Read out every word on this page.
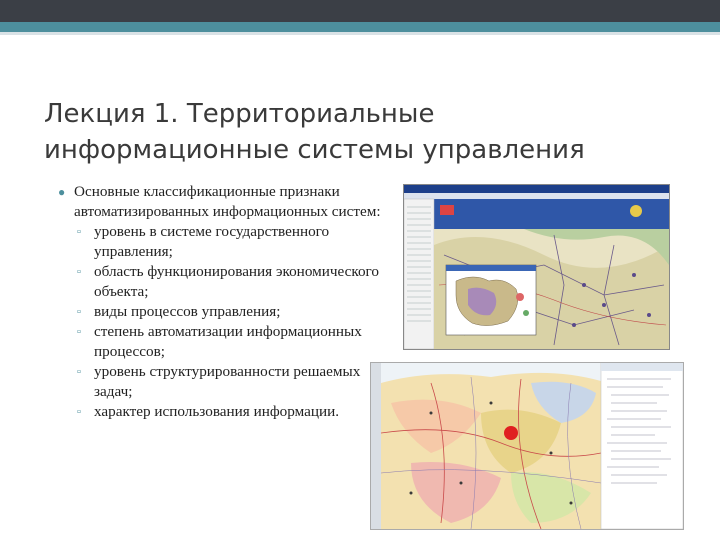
Лекция 1. Территориальные информационные системы управления
● Основные классификационные признаки автоматизированных информационных систем:
▫ уровень в системе государственного управления;
▫ область функционирования экономического объекта;
▫ виды процессов управления;
▫ степень автоматизации информационных процессов;
▫ уровень структурированности решаемых задач;
▫ характер использования информации.
